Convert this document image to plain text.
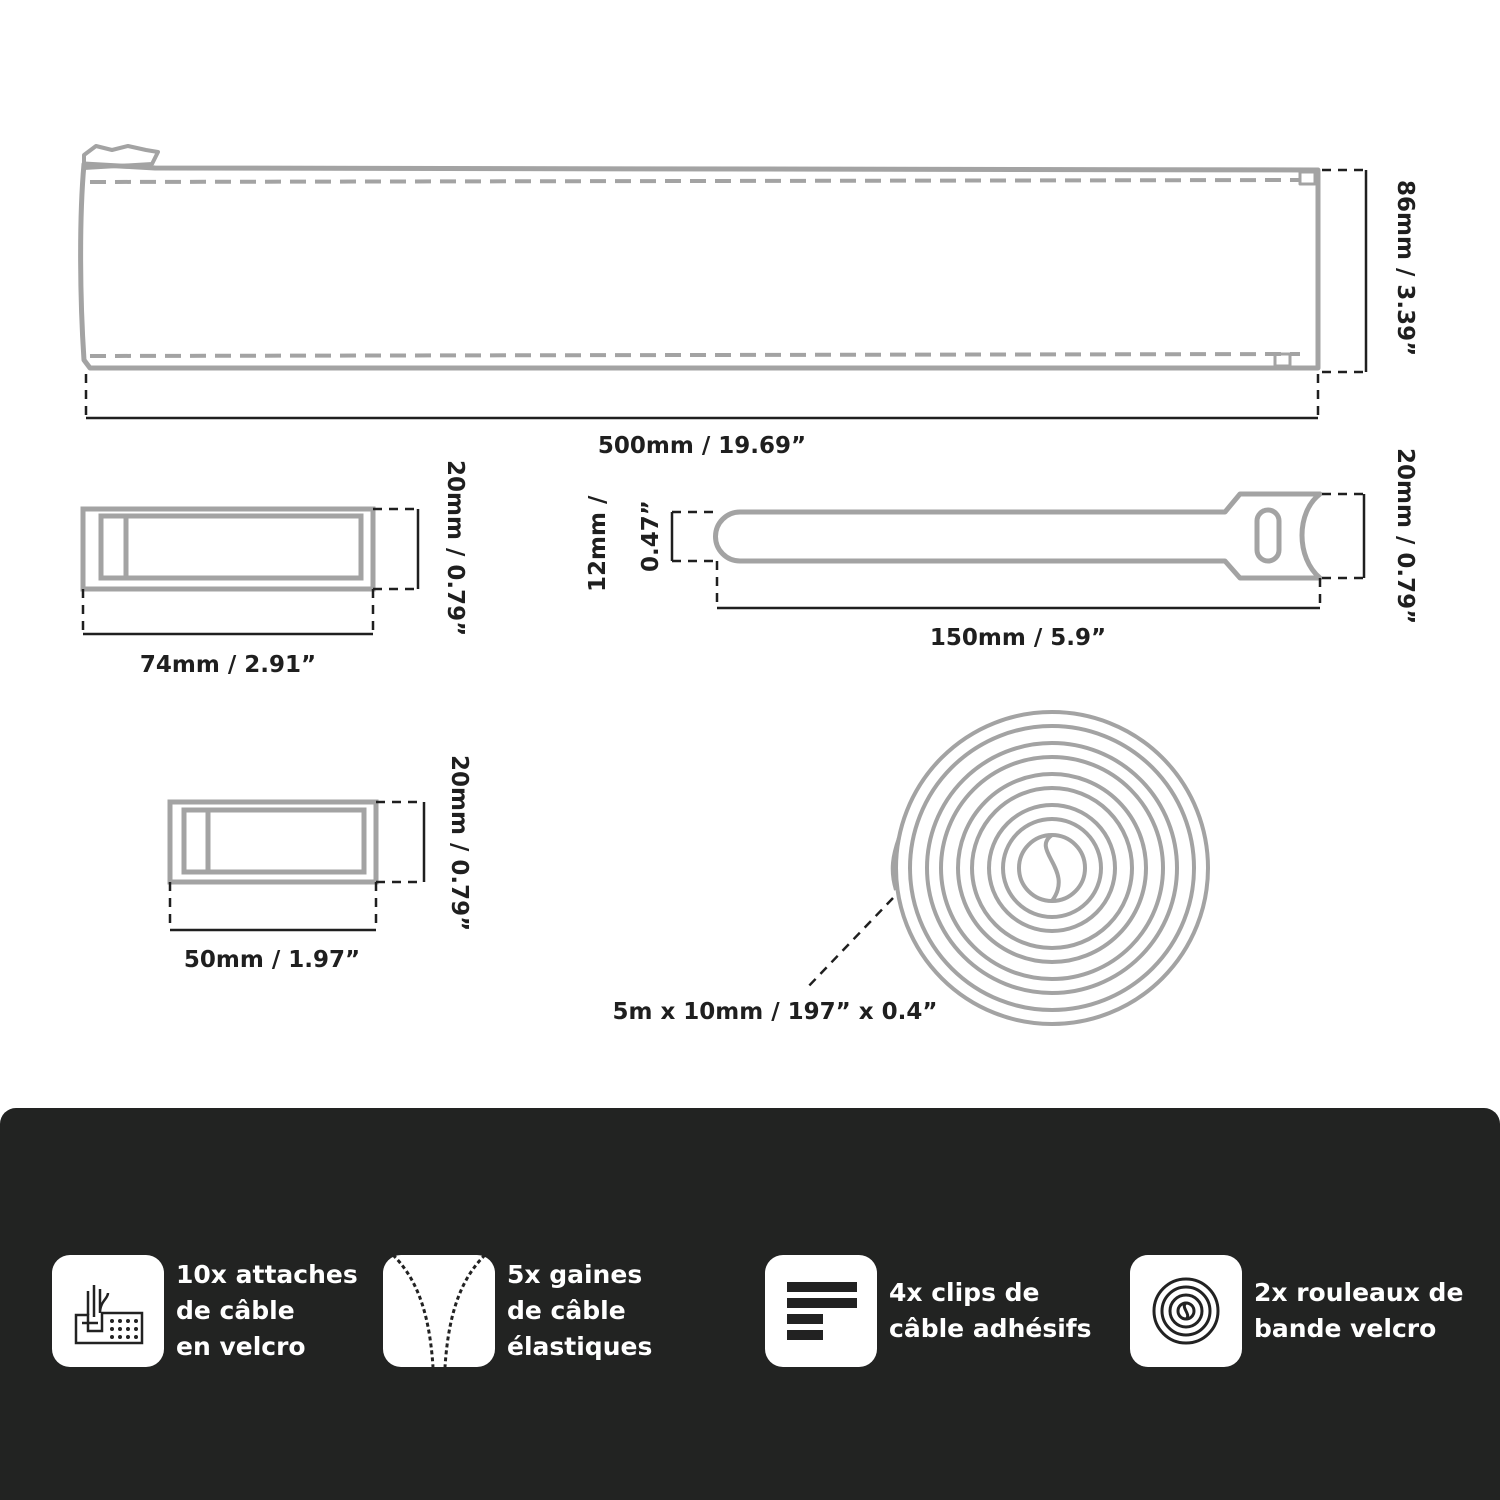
86mm / 3.39”
500mm / 19.69”
20mm / 0.79”
74mm / 2.91”
12mm / 0.47”	20mm / 0.79”
150mm / 5.9”
20mm / 0.79”
50mm / 1.97”
5m x 10mm / 197” x 0.4”
10x attaches
de câble
en velcro
5x gaines
de câble
élastiques
4x clips de
câble adhésifs
2x rouleaux de
bande velcro
